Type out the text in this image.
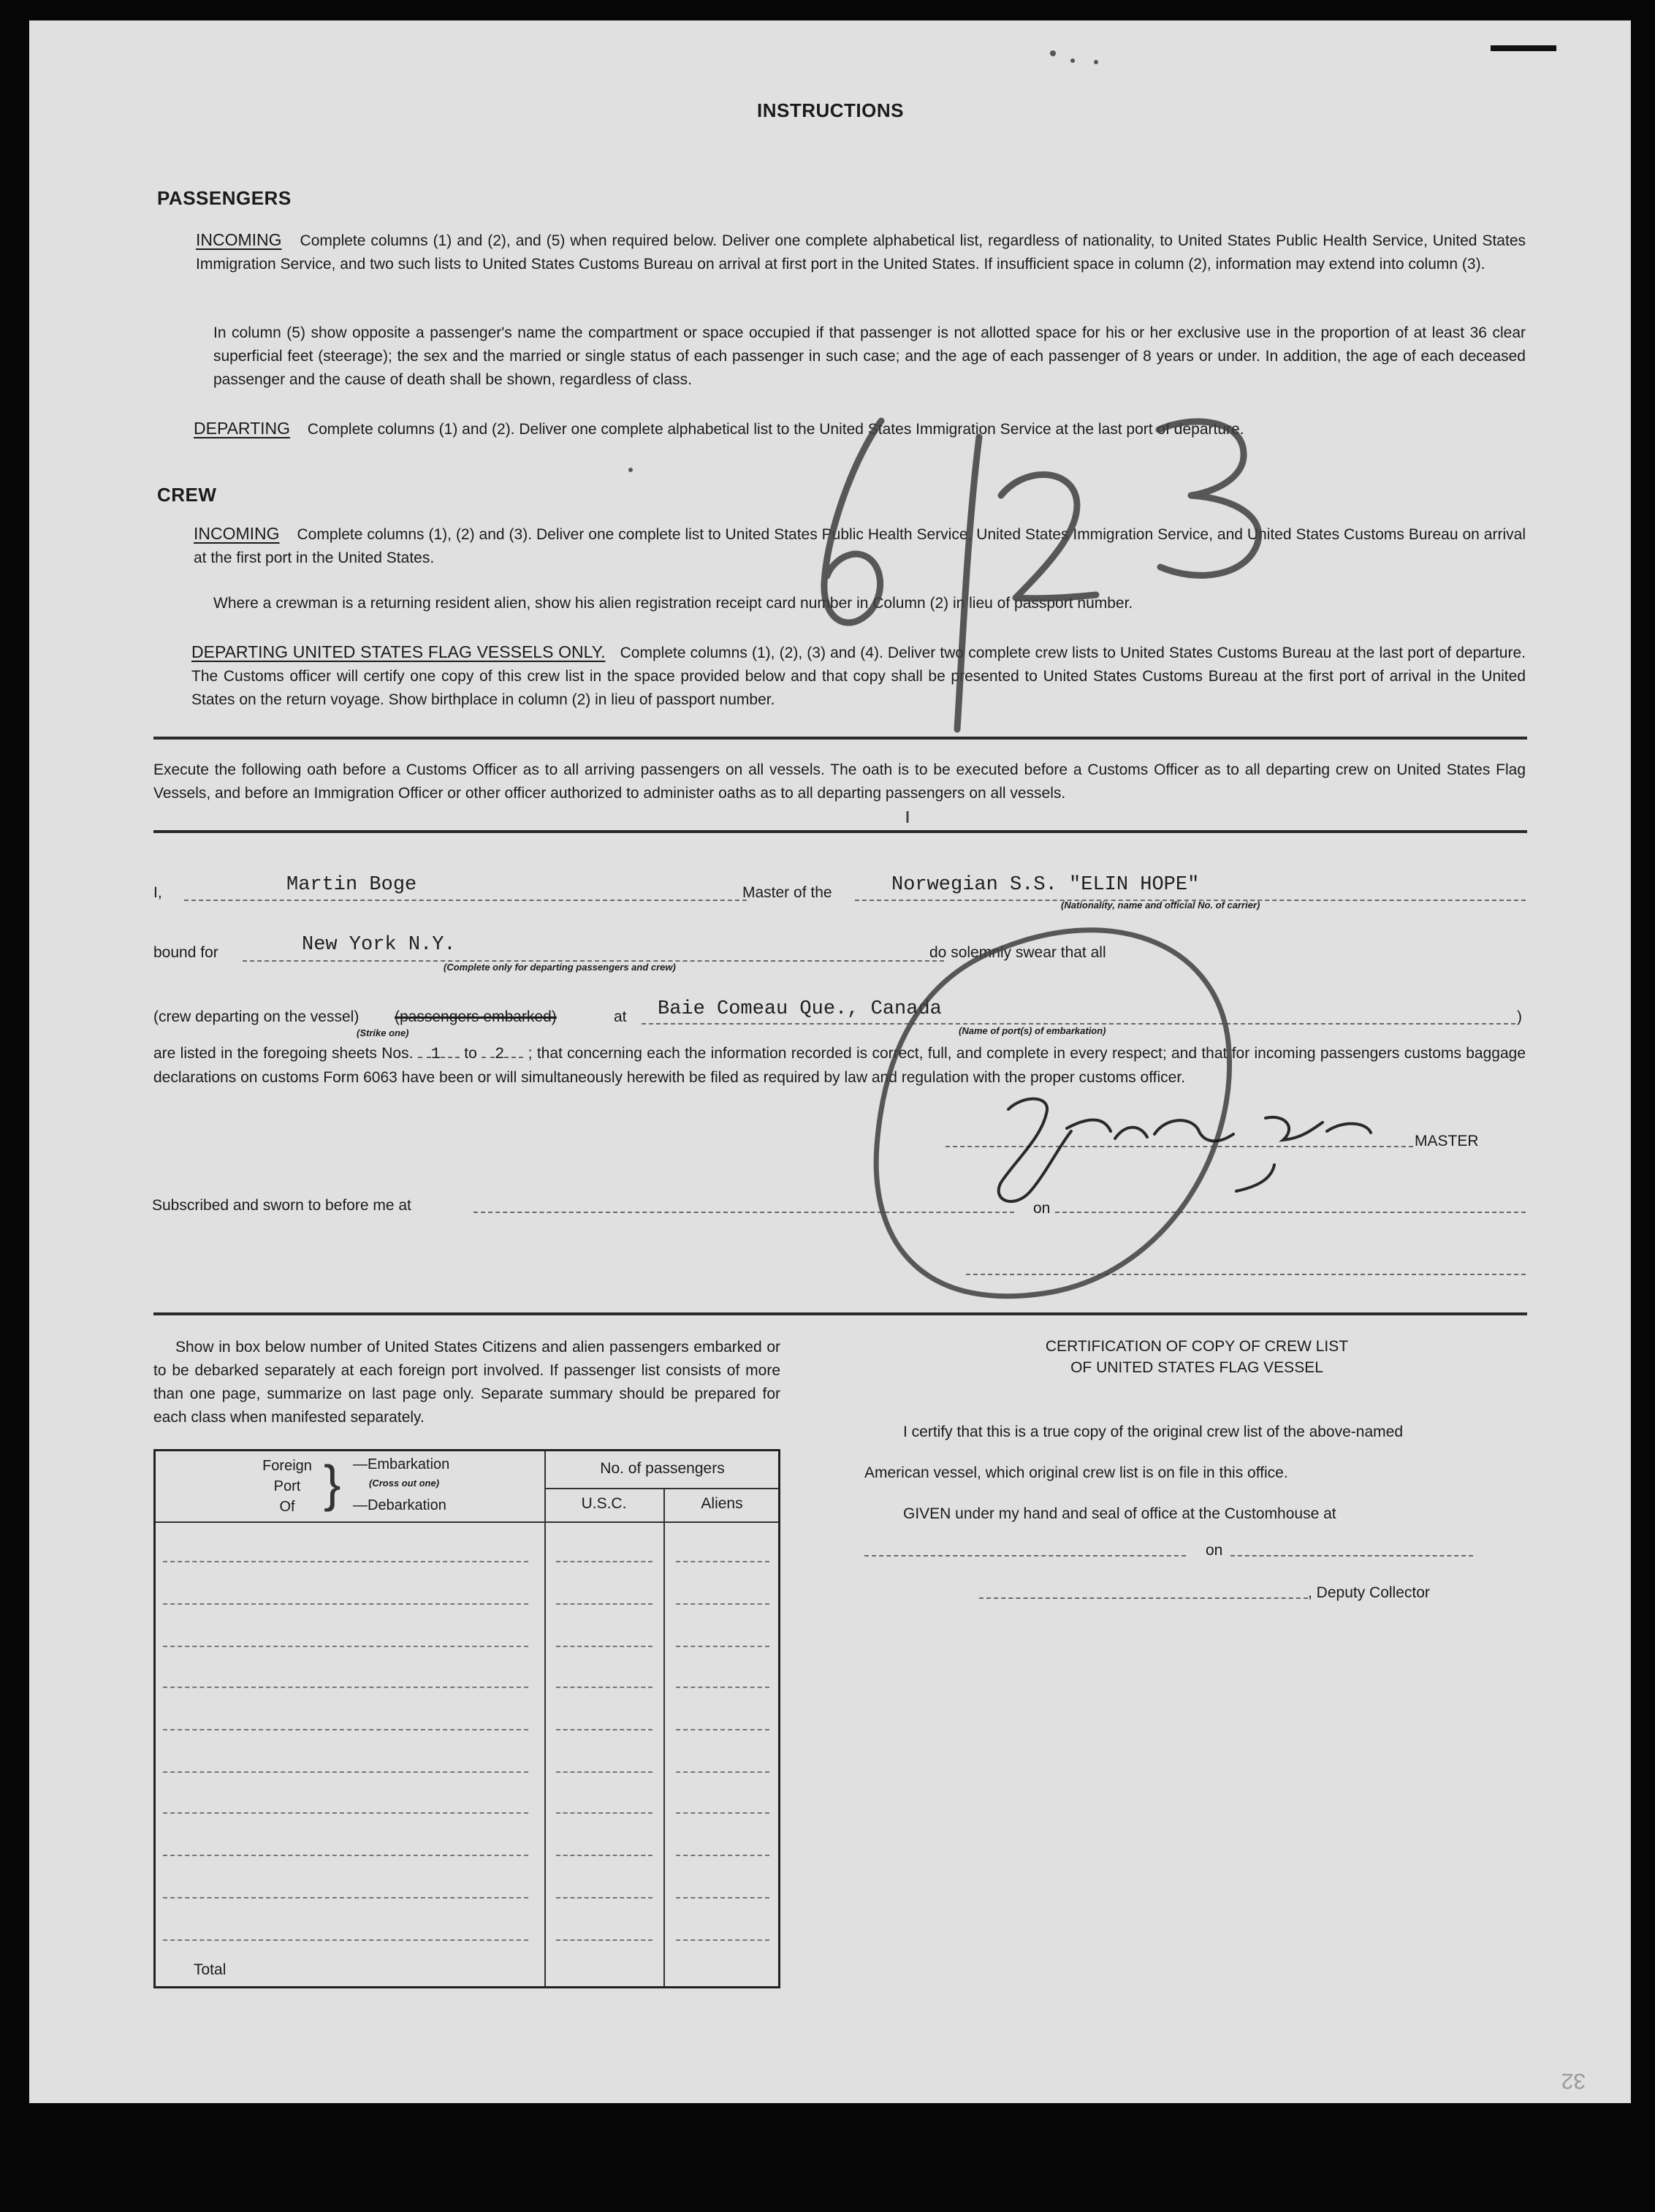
INSTRUCTIONS
PASSENGERS
INCOMING Complete columns (1) and (2), and (5) when required below. Deliver one complete alphabetical list, regardless of nationality, to United States Public Health Service, United States Immigration Service, and two such lists to United States Customs Bureau on arrival at first port in the United States. If insufficient space in column (2), information may extend into column (3).
In column (5) show opposite a passenger's name the compartment or space occupied if that passenger is not allotted space for his or her exclusive use in the proportion of at least 36 clear superficial feet (steerage); the sex and the married or single status of each passenger in such case; and the age of each passenger of 8 years or under. In addition, the age of each deceased passenger and the cause of death shall be shown, regardless of class.
DEPARTING Complete columns (1) and (2). Deliver one complete alphabetical list to the United States Immigration Service at the last port of departure.
CREW
INCOMING Complete columns (1), (2) and (3). Deliver one complete list to United States Public Health Service, United States Immigration Service, and United States Customs Bureau on arrival at the first port in the United States.
Where a crewman is a returning resident alien, show his alien registration receipt card number in Column (2) in lieu of passport number.
DEPARTING UNITED STATES FLAG VESSELS ONLY. Complete columns (1), (2), (3) and (4). Deliver two complete crew lists to United States Customs Bureau at the last port of departure. The Customs officer will certify one copy of this crew list in the space provided below and that copy shall be presented to United States Customs Bureau at the first port of arrival in the United States on the return voyage. Show birthplace in column (2) in lieu of passport number.
Execute the following oath before a Customs Officer as to all arriving passengers on all vessels. The oath is to be executed before a Customs Officer as to all departing crew on United States Flag Vessels, and before an Immigration Officer or other officer authorized to administer oaths as to all departing passengers on all vessels.
I,	Martin Boge	Master of the	Norwegian S.S. "ELIN HOPE"
(Nationality, name and official No. of carrier)
bound for	New York N.Y.
(Complete only for departing passengers and crew)
do solemnly swear that all
(crew departing on the vessel) (passengers embarked)
(Strike one)
at Baie Comeau Que., Canada
(Name of port(s) of embarkation)
)
are listed in the foregoing sheets Nos. 1 to 2 ; that concerning each the information recorded is correct, full, and complete in every respect; and that for incoming passengers customs baggage declarations on customs Form 6063 have been or will simultaneously herewith be filed as required by law and regulation with the proper customs officer.
MASTER
Subscribed and sworn to before me at	on
Show in box below number of United States Citizens and alien passengers embarked or to be debarked separately at each foreign port involved. If passenger list consists of more than one page, summarize on last page only. Separate summary should be prepared for each class when manifested separately.
Foreign
Port
Of } —Embarkation
(Cross out one)
—Debarkation
No. of passengers
U.S.C.	Aliens
Total
CERTIFICATION OF COPY OF CREW LIST
OF UNITED STATES FLAG VESSEL
I certify that this is a true copy of the original crew list of the above-named
American vessel, which original crew list is on file in this office.
GIVEN under my hand and seal of office at the Customhouse at
on
, Deputy Collector
32
